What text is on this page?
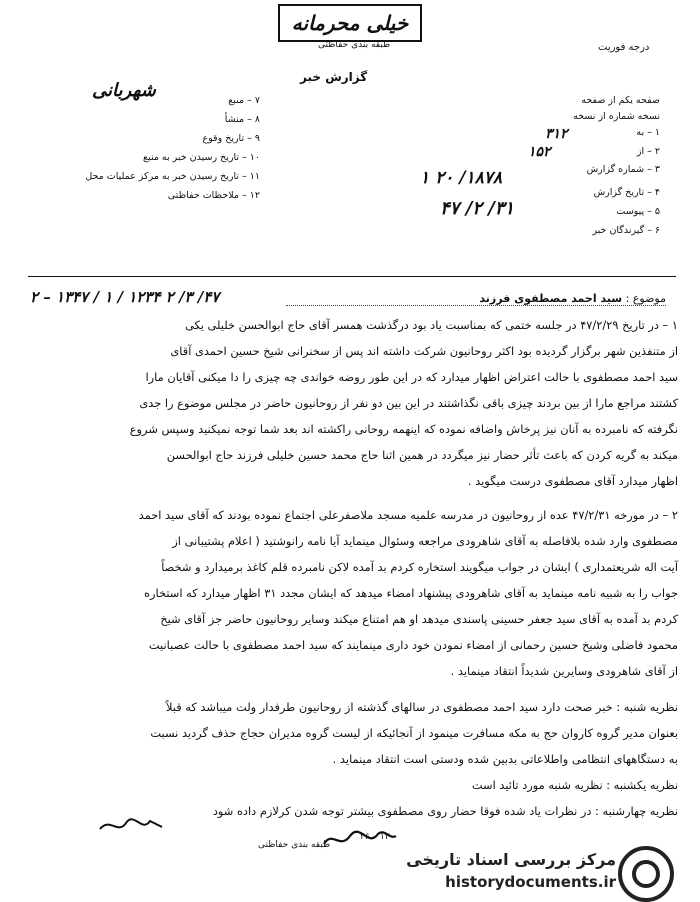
خیلی محرمانه
طبقه بندی حفاظتی	درجه فوریت
گزارش خبر
صفحه یکم از صفحه
نسخه شماره از نسخه
۱ – به
۲ – از
۳ – شماره گزارش
۴ – تاریخ گزارش
۵ – پیوست
۶ – گیرندگان خبر
۳۱۲
۱۵۲
۱۸۷۸/ ۲۰ ۱
۳۱/ ۲/ ۴۷
شهربانی	۷ – منبع
۸ – منشأ
۹ – تاریخ وقوع
۱۰ – تاریخ رسیدن خبر به منبع
۱۱ – تاریخ رسیدن خبر به مرکز عملیات محل
۱۲ – ملاحظات حفاظتی
موضوع : سید احمد مصطفوی فرزند
۴۷/ ۳/ ۲ ۱۲۳۴ / ۱ / ۱۳۴۷ – ۲
۱ – در تاریخ ۴۷/۲/۲۹ در جلسه ختمی که بمناسبت یاد بود درگذشت همسر آقای حاج ابوالحسن خلیلی یکی
از متنفذین شهر برگزار گردیده بود اکثر روحانیون شرکت داشته اند پس از سخنرانی شیخ حسین احمدی آقای
سید احمد مصطفوی با حالت اعتراض اظهار میدارد که در این طور روضه خواندی چه چیزی را دا میکنی آقایان مارا
کشتند مراجع مارا از بین بردند چیزی باقی نگذاشتند در این بین دو نفر از روحانیون حاضر در مجلس موضوع را جدی
نگرفته که نامبرده به آنان نیز پرخاش واضافه نموده که اینهمه روحانی راکشته اند بعد شما توجه نمیکنید وسپس شروع
میکند به گریه کردن که باعث تأثر حضار نیز میگردد در همین اثنا حاج محمد حسین خلیلی فرزند حاج ابوالحسن
اظهار میدارد آقای مصطفوی درست میگوید .
۲ – در مورخه ۴۷/۲/۳۱ عده از روحانیون در مدرسه علمیه مسجد ملاصفرعلی اجتماع نموده بودند که آقای سید احمد
مصطفوی وارد شده بلافاصله به آقای شاهرودی مراجعه وسئوال مینماید آیا نامه رانوشتید ( اعلام پشتیبانی از
آیت اله شریعتمداری ) ایشان در جواب میگویند استخاره کردم بد آمده لاکن نامبرده قلم کاغذ برمیدارد و شخصاً
جواب را به شبیه نامه مینماید به آقای شاهرودی پیشنهاد امضاء میدهد که ایشان مجدد ۳۱ اظهار میدارد که استخاره
کردم بد آمده به آقای سید جعفر حسینی پاسندی میدهد او هم امتناع میکند وسایر روحانیون حاضر جز آقای شیخ
محمود فاضلی وشیخ حسین رحمانی از امضاء نمودن خود داری مینمایند که سید احمد مصطفوی با حالت عصبانیت
از آقای شاهرودی وسایرین شدیداً انتقاد مینماید .
نظریه شنبه : خبر صحت دارد سید احمد مصطفوی در سالهای گذشته از روحانیون طرفدار ولت میباشد که قبلاً
بعنوان مدیر گروه کاروان حج به مکه مسافرت مینمود از آنجائیکه از لیست گروه مدیران حجاج حذف گردید نسبت
به دستگاههای انتظامی واطلاعاتی بدبین شده ودستی است انتقاد مینماید .
نظریه یکشنبه : نظریه شنبه مورد تائید است
نظریه چهارشنبه : در نظرات یاد شده فوقا حضار روی مصطفوی بیشتر توجه شدن کرلازم داده شود
۱۳۰ – ۴۶
طبقه بندی حفاظتی
مرکز بررسی اسناد تاریخی
historydocuments.ir
